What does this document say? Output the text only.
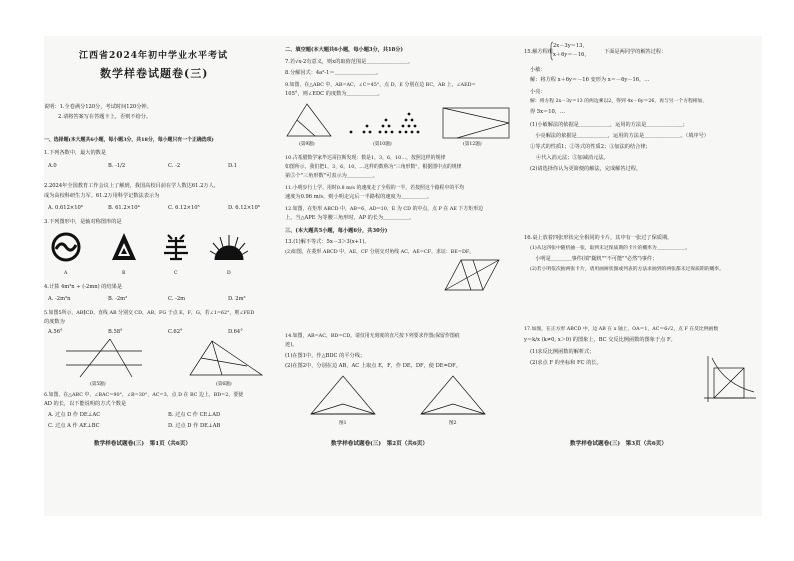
江西省2024年初中学业水平考试
数学样卷试题卷(三)
说明：1.全卷满分120分，考试时间120分钟。
2.请将答案写在答题卡上，否则不给分。
一、选择题(本大题共6小题，每小题3分，共18分，每小题只有一个正确选项)
1.下列各数中，最大的数是
A.0	B. -1/2	C. -2	D.1
2.2024年全国教育工作会议上了解到，我国高校目前在学人数达61.2万人，
成为高校科研生力军。61.2万用科学记数法表示为
A. 0.612×10⁶	B. 61.2×10⁴	C. 6.12×10⁵	D. 6.12×10⁶
3.下列图形中，是轴对称图形的是
A	B	C	D
4.计算 4m²n ÷ (-2mn) 的结果是
A. -2m²n	B. -2m²	C. -2m	D. 2m²
5.如图5所示，AB∥CD，直线 AB 分别交 CD，AB，FG 于点 E，F，G，若∠1=62°，则∠FED
的度数为
A.56°	B.58°	C.62°	D.64°
(第5题)	(第6题)
6.如图，在△ABC 中，∠BAC=90°，∠B=30°，AC=3，点 D 在 BC 边上，BD=2，要使
AD 的长，以下能说明的方式个数是
A. 过点 D 作 DE⊥AC	B. 过点 C 作 CE⊥AD
C. 过点 A 作 AE⊥BC	D. 过点 D 作 DE⊥AB
数学样卷试题卷(三)　第1页（共6页）
二、填空题(本大题共6小题，每小题3分，共18分)
7.若√x-2有意义，则x的取值范围是＿＿＿＿＿＿＿＿。
8.分解因式：4a²-1＝＿＿＿＿＿＿＿＿。
9.如图，在△ABC 中，AB=AC，∠C=45°，点 D，E 分别在边 BC，AB 上，∠AED=
105°，则∠EDC 的度数为＿＿＿＿＿＿。
(第9题)	(第10题)	(第12题)
10.古希腊数学家毕达哥拉斯发现：数是1，3，6，10…，按照这样的规律
如图所示，我们把1，3，6，10，…这样的数称为"三角形数"，根据图中点的规律
第⑤个"三角形数"可表示为＿＿＿＿＿。
11.小明步行上学，用时0.8 m/s 的速度走了全程的一半，若按照这个路程中的平均
速度为0.96 m/s，则小明走完后一半路程的速度为＿＿＿＿＿。
12.如图，在矩形 ABCD 中，AB=6，AD=10，E 为 CD 的中点，点 P 在 AE 下方矩形边
上，当△APE 为等腰三角形时，AP 的长为＿＿＿＿＿。
三、(本大题共5小题，每小题6分，共30分)
13.(1)解不等式：5x－3＞3(x+1)。
(2)如图，在菱形 ABCD 中，AE，CF 分别交对角线 AC，AE=CF，求证：BE=DF。
14.如图，AB=AC，BD=CD。请仅用无刻度的直尺按下列要求作图(保留作图痕
迹)。
(1)在图1中，作△BDC 的平分线；
(2)在图2中，分别在边 AB，AC 上取点 E，F，作 DE，DF，使 DE=DF。
图1	图2
数学样卷试题卷(三)　第2页（共6页）
15.解方程组
2x－3y＝13，
x＋6y＝－16，	下面是两同学的解答过程：
小敏：
解：将方程 x＋6y＝－16 变形为 x＝－6y－16，…
小亮：
解：将方程 2x－3y＝13 的两边乘以2，得到 4x－6y＝26，再与另一个方程相加，
得 5x＝10，…
(1)小敏解法的依据是＿＿＿＿＿＿，运用的方法是＿＿＿＿＿＿＿；
　小亮解法的依据是＿＿＿＿＿＿，运用的方法是＿＿＿＿＿＿＿。（填序号）
①等式的性质1；②等式的性质2；③加法的结合律；
④代入消元法；⑤加减消元法。
(2)请选择你认为更简便的解法，完成解答过程。
16.桌上放着四张形状完全相同的卡片，其中有一张过了保质期。
(1)从这四张中随机抽一张，取到未过保质期的卡片的概率为＿＿＿＿＿＿。
　小明是＿＿＿＿事件(填"随机""不可能""必然")事件；
(2)若小明依次抽两张卡片，请用画树状图或列表的方法求抽到的两张都未过保质期的概率。
17.如图，在正方形 ABCD 中，边 AB 在 x 轴上，OA＝1，AC＝6√2，点 F 在反比例函数
y＝k/x (k≠0, x＞0) 的图象上，BC 交反比例函数的图象于点 F。
(1)求反比例函数的解析式；
(2)求点 F 的坐标和 FC 的长。
数学样卷试题卷(三)　第3页（共6页）
